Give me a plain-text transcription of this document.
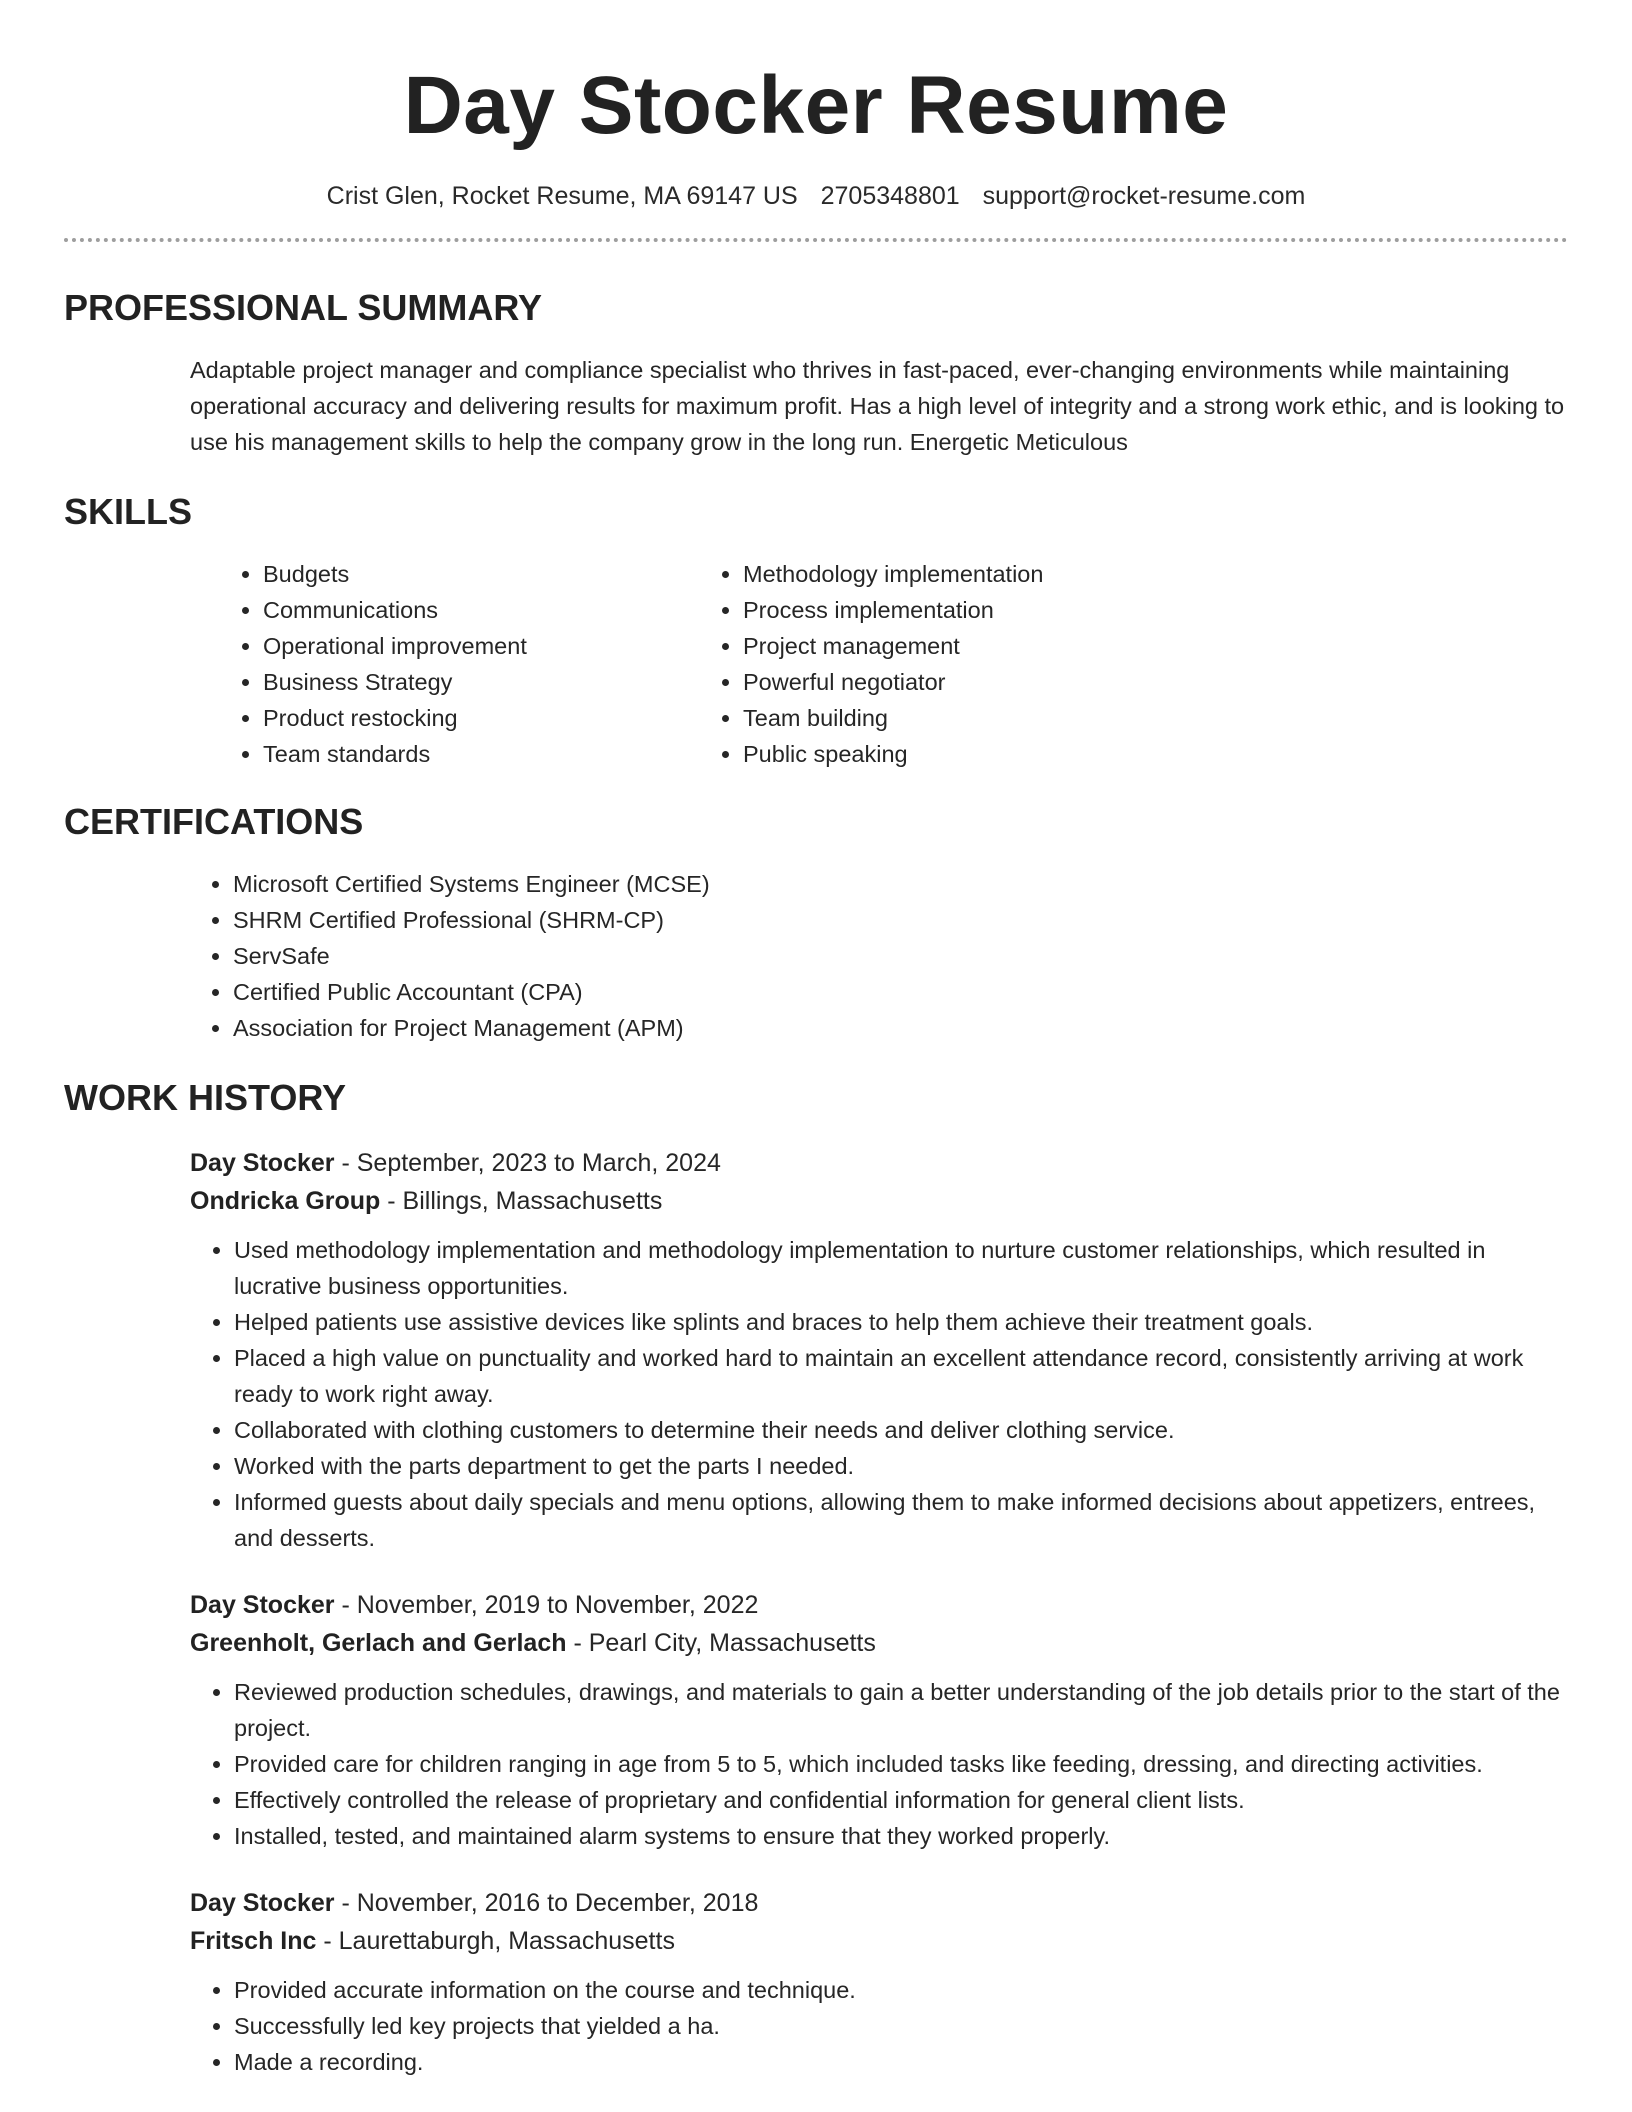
Day Stocker Resume
Crist Glen, Rocket Resume, MA 69147 US 2705348801 support@rocket-resume.com
PROFESSIONAL SUMMARY

Adaptable project manager and compliance specialist who thrives in fast-paced, ever-changing environments while maintaining operational accuracy and delivering results for maximum profit. Has a high level of integrity and a strong work ethic, and is looking to use his management skills to help the company grow in the long run. Energetic Meticulous

SKILLS
• Budgets
• Communications
• Operational improvement
• Business Strategy
• Product restocking
• Team standards
• Methodology implementation
• Process implementation
• Project management
• Powerful negotiator
• Team building
• Public speaking
CERTIFICATIONS
• Microsoft Certified Systems Engineer (MCSE)
• SHRM Certified Professional (SHRM-CP)
• ServSafe
• Certified Public Accountant (CPA)
• Association for Project Management (APM)
WORK HISTORY
Day Stocker - September, 2023 to March, 2024
Ondricka Group - Billings, Massachusetts
• Used methodology implementation and methodology implementation to nurture customer relationships, which resulted in lucrative business opportunities.
• Helped patients use assistive devices like splints and braces to help them achieve their treatment goals.
• Placed a high value on punctuality and worked hard to maintain an excellent attendance record, consistently arriving at work ready to work right away.
• Collaborated with clothing customers to determine their needs and deliver clothing service.
• Worked with the parts department to get the parts I needed.
• Informed guests about daily specials and menu options, allowing them to make informed decisions about appetizers, entrees, and desserts.
Day Stocker - November, 2019 to November, 2022
Greenholt, Gerlach and Gerlach - Pearl City, Massachusetts
• Reviewed production schedules, drawings, and materials to gain a better understanding of the job details prior to the start of the project.
• Provided care for children ranging in age from 5 to 5, which included tasks like feeding, dressing, and directing activities.
• Effectively controlled the release of proprietary and confidential information for general client lists.
• Installed, tested, and maintained alarm systems to ensure that they worked properly.
Day Stocker - November, 2016 to December, 2018
Fritsch Inc - Laurettaburgh, Massachusetts
• Provided accurate information on the course and technique.
• Successfully led key projects that yielded a ha.
• Made a recording.
